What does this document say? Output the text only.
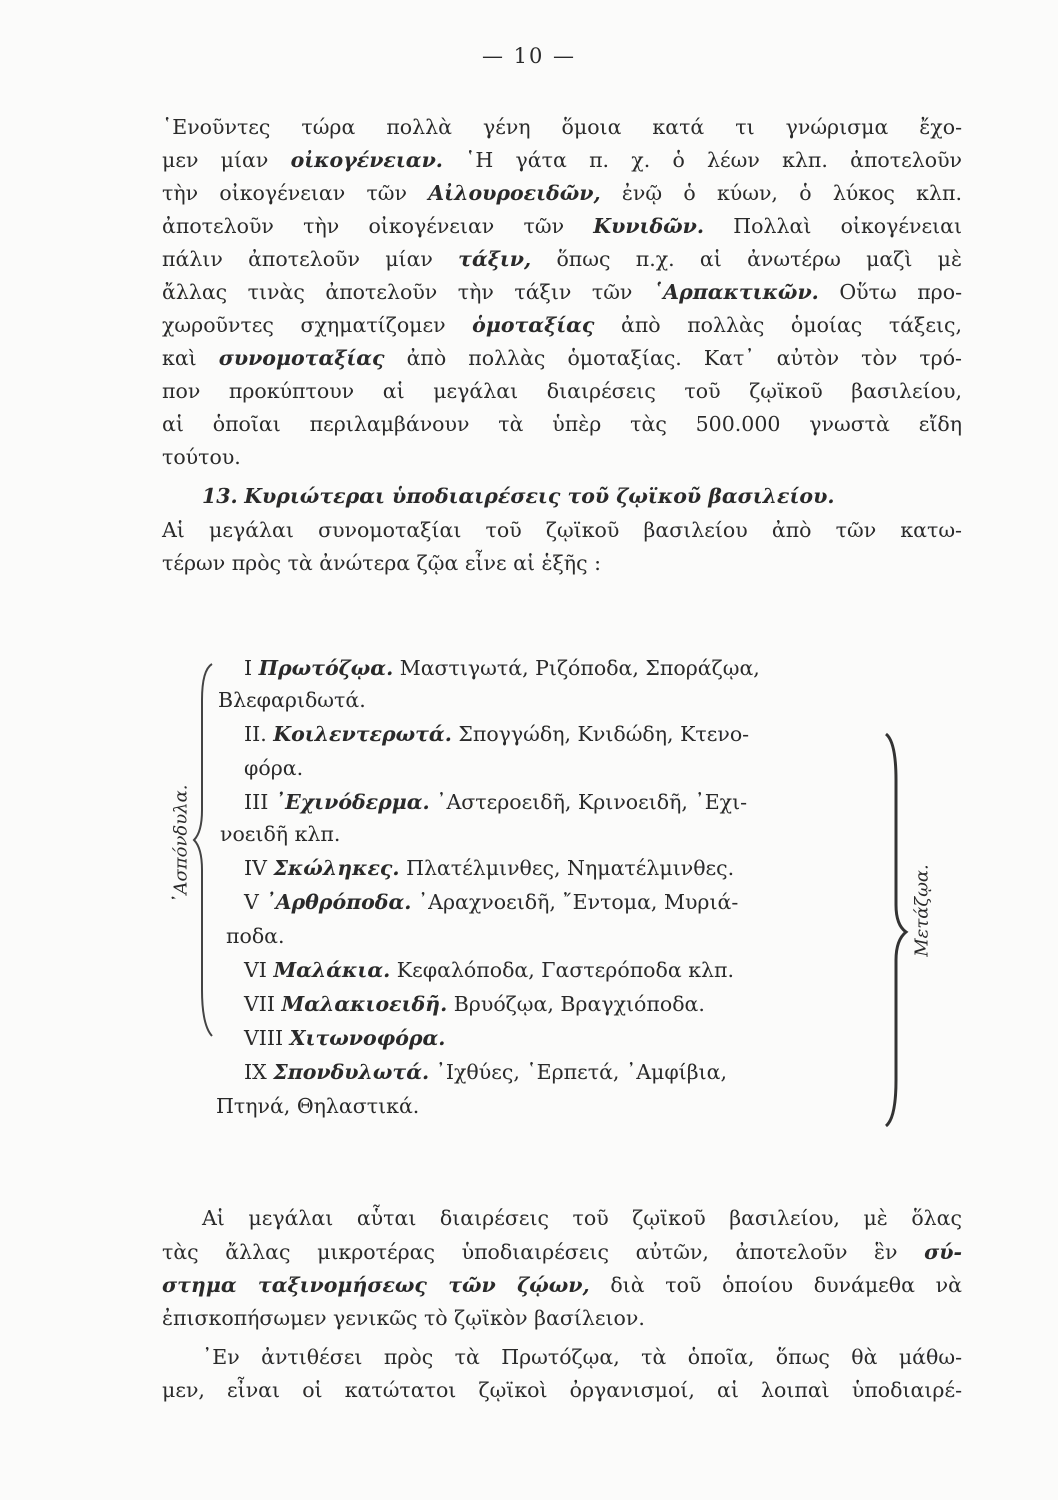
— 10 —
῾Ενοῦντες τώρα πολλὰ γένη ὅμοια κατά τι γνώρισμα ἔχο-
μεν μίαν οἰκογένειαν. ῾Η γάτα π. χ. ὁ λέων κλπ. ἀποτελοῦν
τὴν οἰκογένειαν τῶν Αἰλουροειδῶν, ἐνῷ ὁ κύων, ὁ λύκος κλπ.
ἀποτελοῦν τὴν οἰκογένειαν τῶν Κυνιδῶν. Πολλαὶ οἰκογένειαι
πάλιν ἀποτελοῦν μίαν τάξιν, ὅπως π.χ. αἱ ἀνωτέρω μαζὶ μὲ
ἄλλας τινὰς ἀποτελοῦν τὴν τάξιν τῶν ῾Αρπακτικῶν. Οὕτω προ-
χωροῦντες σχηματίζομεν ὁμοταξίας ἀπὸ πολλὰς ὁμοίας τάξεις,
καὶ συνομοταξίας ἀπὸ πολλὰς ὁμοταξίας. Κατ᾽ αὐτὸν τὸν τρό-
πον προκύπτουν αἱ μεγάλαι διαιρέσεις τοῦ ζῳϊκοῦ βασιλείου,
αἱ ὁποῖαι περιλαμβάνουν τὰ ὑπὲρ τὰς 500.000 γνωστὰ εἴδη
τούτου.
13. Κυριώτεραι ὑποδιαιρέσεις τοῦ ζῳϊκοῦ βασιλείου.
Αἱ μεγάλαι συνομοταξίαι τοῦ ζῳϊκοῦ βασιλείου ἀπὸ τῶν κατω-
τέρων πρὸς τὰ ἀνώτερα ζῷα εἶνε αἱ ἑξῆς :
I Πρωτόζῳα. Μαστιγωτά, Ριζόποδα, Σποράζῳα,
Βλεφαριδωτά.
II. Κοιλεντερωτά. Σπογγώδη, Κνιδώδη, Κτενο-
φόρα.
III ᾽Εχινόδερμα. ᾽Αστεροειδῆ, Κρινοειδῆ, ᾽Εχι-
νοειδῆ κλπ.
IV Σκώληκες. Πλατέλμινθες, Νηματέλμινθες.
V ᾽Αρθρόποδα. ᾽Αραχνοειδῆ, ῎Εντομα, Μυριά-
ποδα.
VI Μαλάκια. Κεφαλόποδα, Γαστερόποδα κλπ.
VII Μαλακιοειδῆ. Βρυόζῳα, Βραγχιόποδα.
VIII Χιτωνοφόρα.
IX Σπονδυλωτά. ᾽Ιχθύες, ῾Ερπετά, ᾽Αμφίβια,
Πτηνά, Θηλαστικά.
᾽Ασπόνδυλα.
Μετάζῳα.
Αἱ μεγάλαι αὗται διαιρέσεις τοῦ ζῳϊκοῦ βασιλείου, μὲ ὅλας
τὰς ἄλλας μικροτέρας ὑποδιαιρέσεις αὐτῶν, ἀποτελοῦν ἓν σύ-
στημα ταξινομήσεως τῶν ζῴων, διὰ τοῦ ὁποίου δυνάμεθα νὰ
ἐπισκοπήσωμεν γενικῶς τὸ ζῳϊκὸν βασίλειον.
᾽Εν ἀντιθέσει πρὸς τὰ Πρωτόζῳα, τὰ ὁποῖα, ὅπως θὰ μάθω-
μεν, εἶναι οἱ κατώτατοι ζῳϊκοὶ ὀργανισμοί, αἱ λοιπαὶ ὑποδιαιρέ-
